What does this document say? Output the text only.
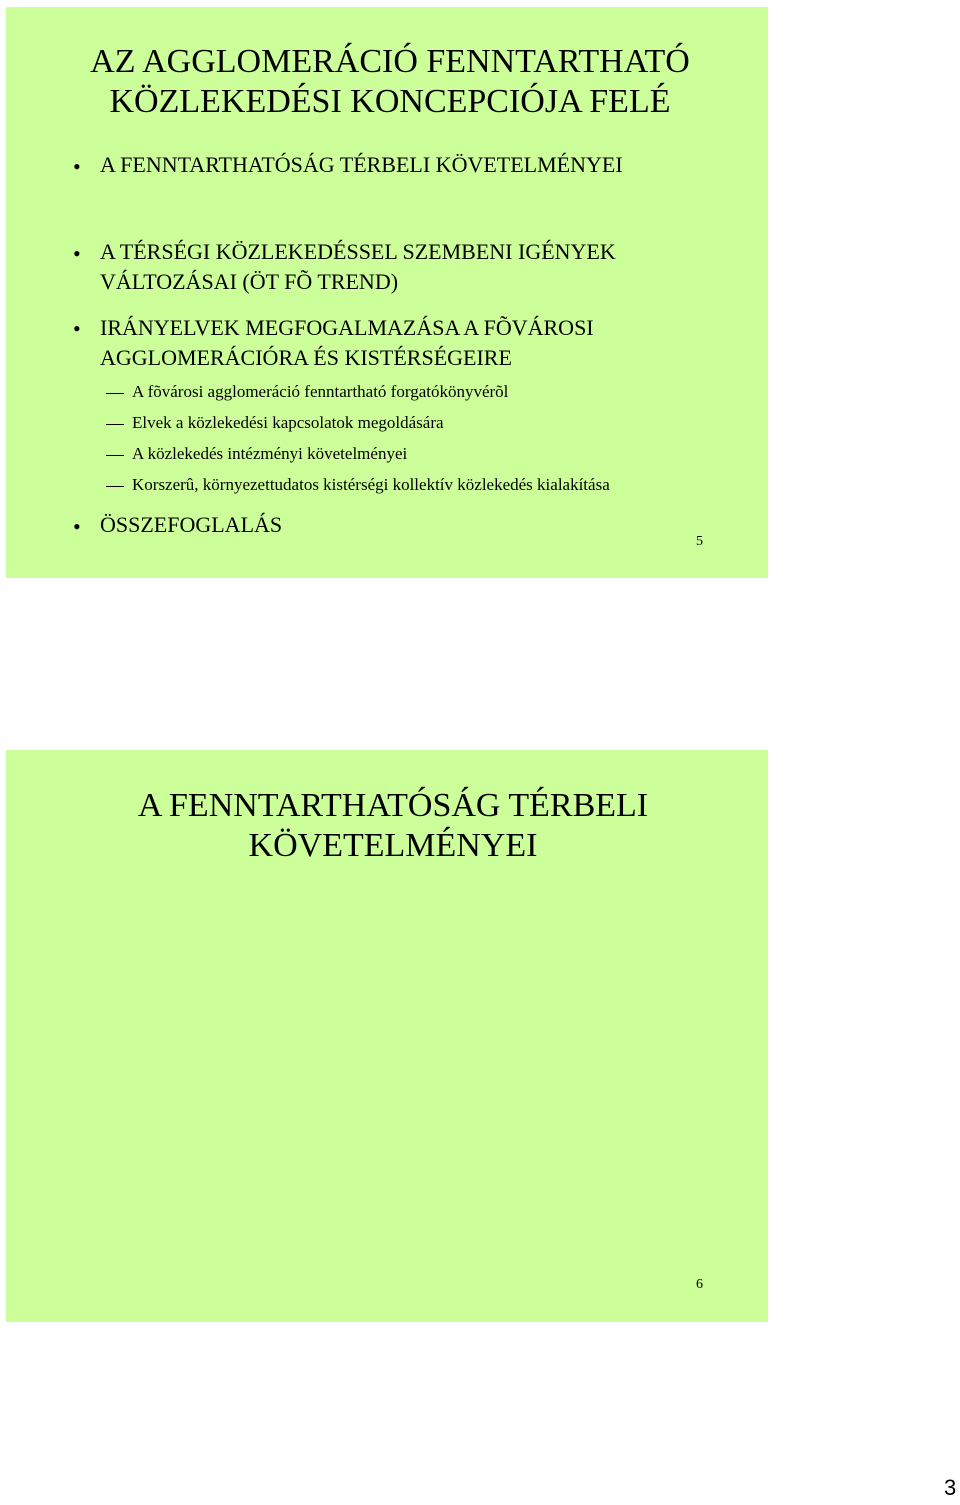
AZ AGGLOMERÁCIÓ FENNTARTHATÓ KÖZLEKEDÉSI KONCEPCIÓJA FELÉ
• A FENNTARTHATÓSÁG TÉRBELI KÖVETELMÉNYEI
• A TÉRSÉGI KÖZLEKEDÉSSEL SZEMBENI IGÉNYEK VÁLTOZÁSAI (ÖT FÕ TREND)
• IRÁNYELVEK MEGFOGALMAZÁSA A FÕVÁROSI AGGLOMERÁCIÓRA ÉS KISTÉRSÉGEIRE
A fõvárosi agglomeráció fenntartható forgatókönyvérõl
Elvek a közlekedési kapcsolatok megoldására
A közlekedés intézményi követelményei
Korszerû, környezettudatos kistérségi kollektív közlekedés kialakítása
• ÖSSZEFOGLALÁS
5
A FENNTARTHATÓSÁG TÉRBELI KÖVETELMÉNYEI
6
3
